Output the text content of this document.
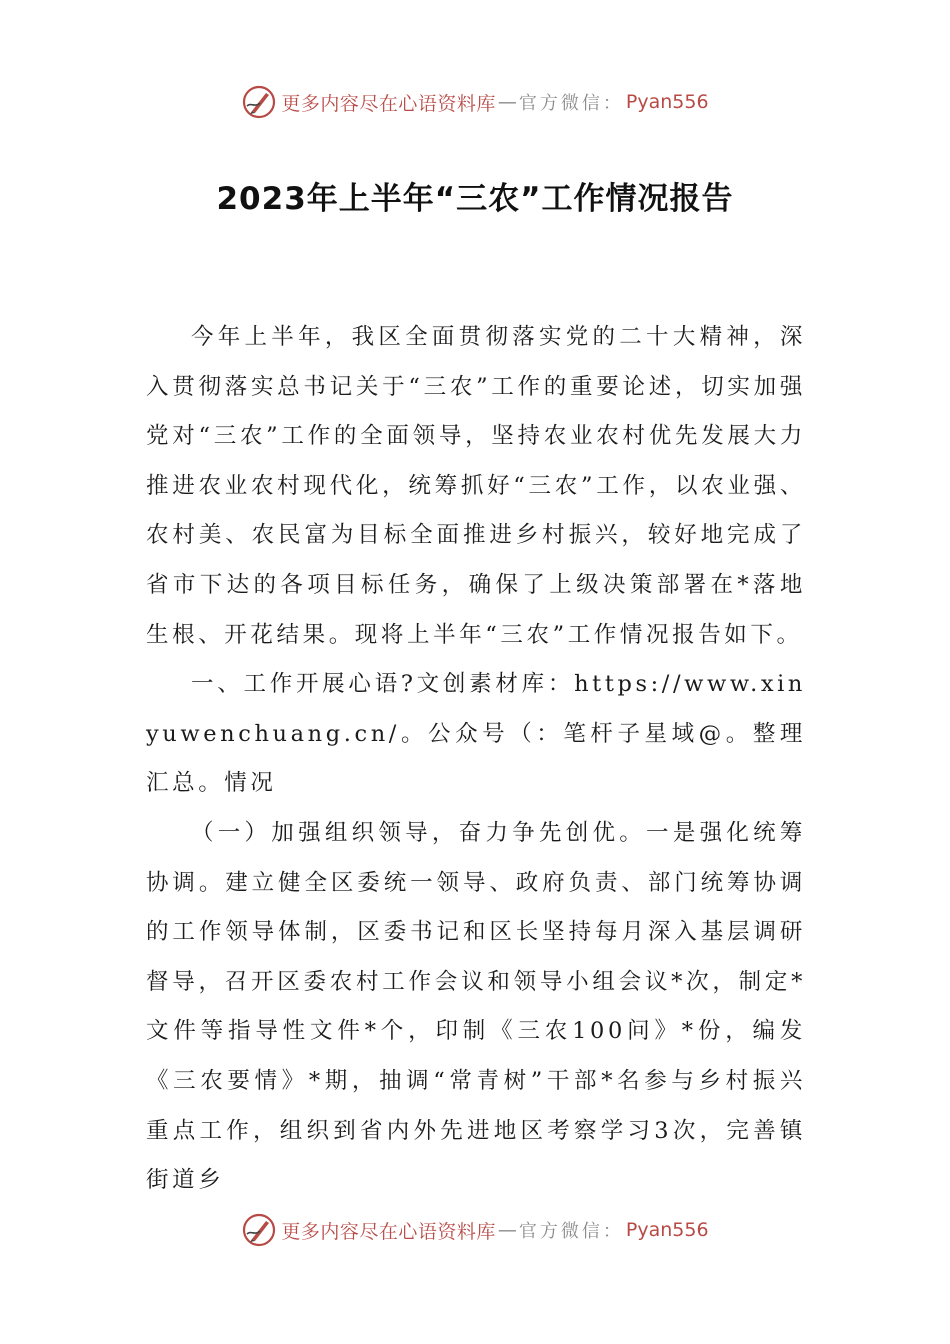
更多内容尽在心语资料库 — 官方微信： Pyan556
2023年上半年“三农”工作情况报告

今年上半年，我区全面贯彻落实党的二十大精神，深入贯彻落实总书记关于“三农”工作的重要论述，切实加强党对“三农”工作的全面领导，坚持农业农村优先发展大力推进农业农村现代化，统筹抓好“三农”工作，以农业强、农村美、农民富为目标全面推进乡村振兴，较好地完成了省市下达的各项目标任务，确保了上级决策部署在*落地生根、开花结果。现将上半年“三农”工作情况报告如下。

一、工作开展心语?文创素材库：https://www.xinyuwenchuang.cn/。公众号（：笔杆子星域@。整理汇总。情况

（一）加强组织领导，奋力争先创优。一是强化统筹协调。建立健全区委统一领导、政府负责、部门统筹协调的工作领导体制，区委书记和区长坚持每月深入基层调研督导，召开区委农村工作会议和领导小组会议*次，制定*文件等指导性文件*个，印制《三农100问》*份，编发《三农要情》*期，抽调“常青树”干部*名参与乡村振兴重点工作，组织到省内外先进地区考察学习3次，完善镇街道乡

更多内容尽在心语资料库 — 官方微信： Pyan556
